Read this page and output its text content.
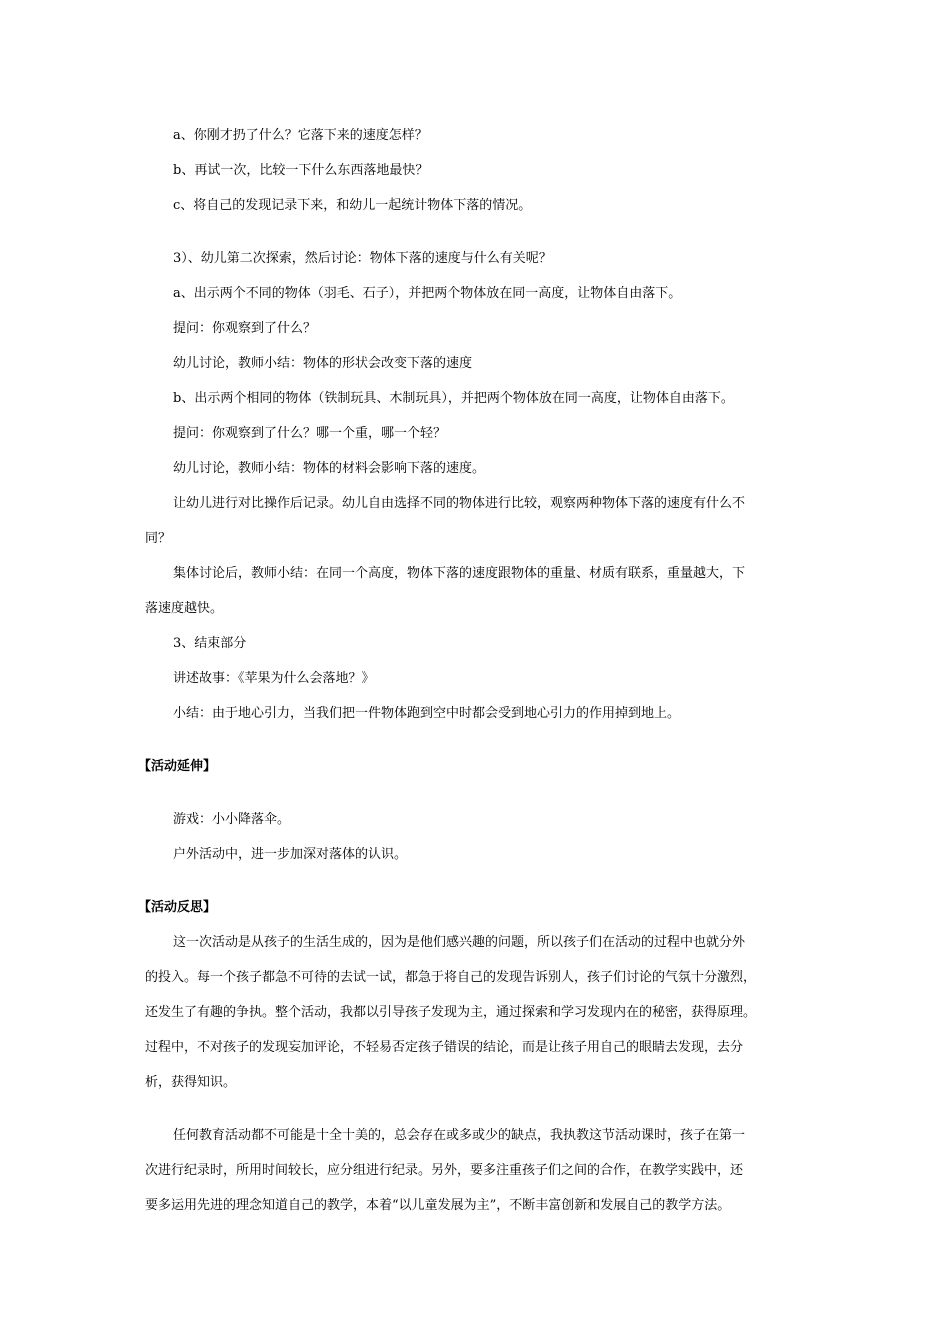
a、你刚才扔了什么？它落下来的速度怎样？
b、再试一次，比较一下什么东西落地最快？
c、将自己的发现记录下来，和幼儿一起统计物体下落的情况。
3）、幼儿第二次探索，然后讨论：物体下落的速度与什么有关呢？
a、出示两个不同的物体（羽毛、石子），并把两个物体放在同一高度，让物体自由落下。
提问：你观察到了什么？
幼儿讨论，教师小结：物体的形状会改变下落的速度
b、出示两个相同的物体（铁制玩具、木制玩具），并把两个物体放在同一高度，让物体自由落下。
提问：你观察到了什么？哪一个重，哪一个轻？
幼儿讨论，教师小结：物体的材料会影响下落的速度。
让幼儿进行对比操作后记录。幼儿自由选择不同的物体进行比较，观察两种物体下落的速度有什么不
同？
集体讨论后，教师小结：在同一个高度，物体下落的速度跟物体的重量、材质有联系，重量越大，下
落速度越快。
3、结束部分
讲述故事：《苹果为什么会落地？》
小结：由于地心引力，当我们把一件物体跑到空中时都会受到地心引力的作用掉到地上。
【活动延伸】
游戏：小小降落伞。
户外活动中，进一步加深对落体的认识。
【活动反思】
这一次活动是从孩子的生活生成的，因为是他们感兴趣的问题，所以孩子们在活动的过程中也就分外
的投入。每一个孩子都急不可待的去试一试，都急于将自己的发现告诉别人，孩子们讨论的气氛十分激烈，
还发生了有趣的争执。整个活动，我都以引导孩子发现为主，通过探索和学习发现内在的秘密，获得原理。
过程中，不对孩子的发现妄加评论，不轻易否定孩子错误的结论，而是让孩子用自己的眼睛去发现，去分
析，获得知识。
任何教育活动都不可能是十全十美的，总会存在或多或少的缺点，我执教这节活动课时，孩子在第一
次进行纪录时，所用时间较长，应分组进行纪录。另外，要多注重孩子们之间的合作，在教学实践中，还
要多运用先进的理念知道自己的教学，本着“以儿童发展为主”，不断丰富创新和发展自己的教学方法。
